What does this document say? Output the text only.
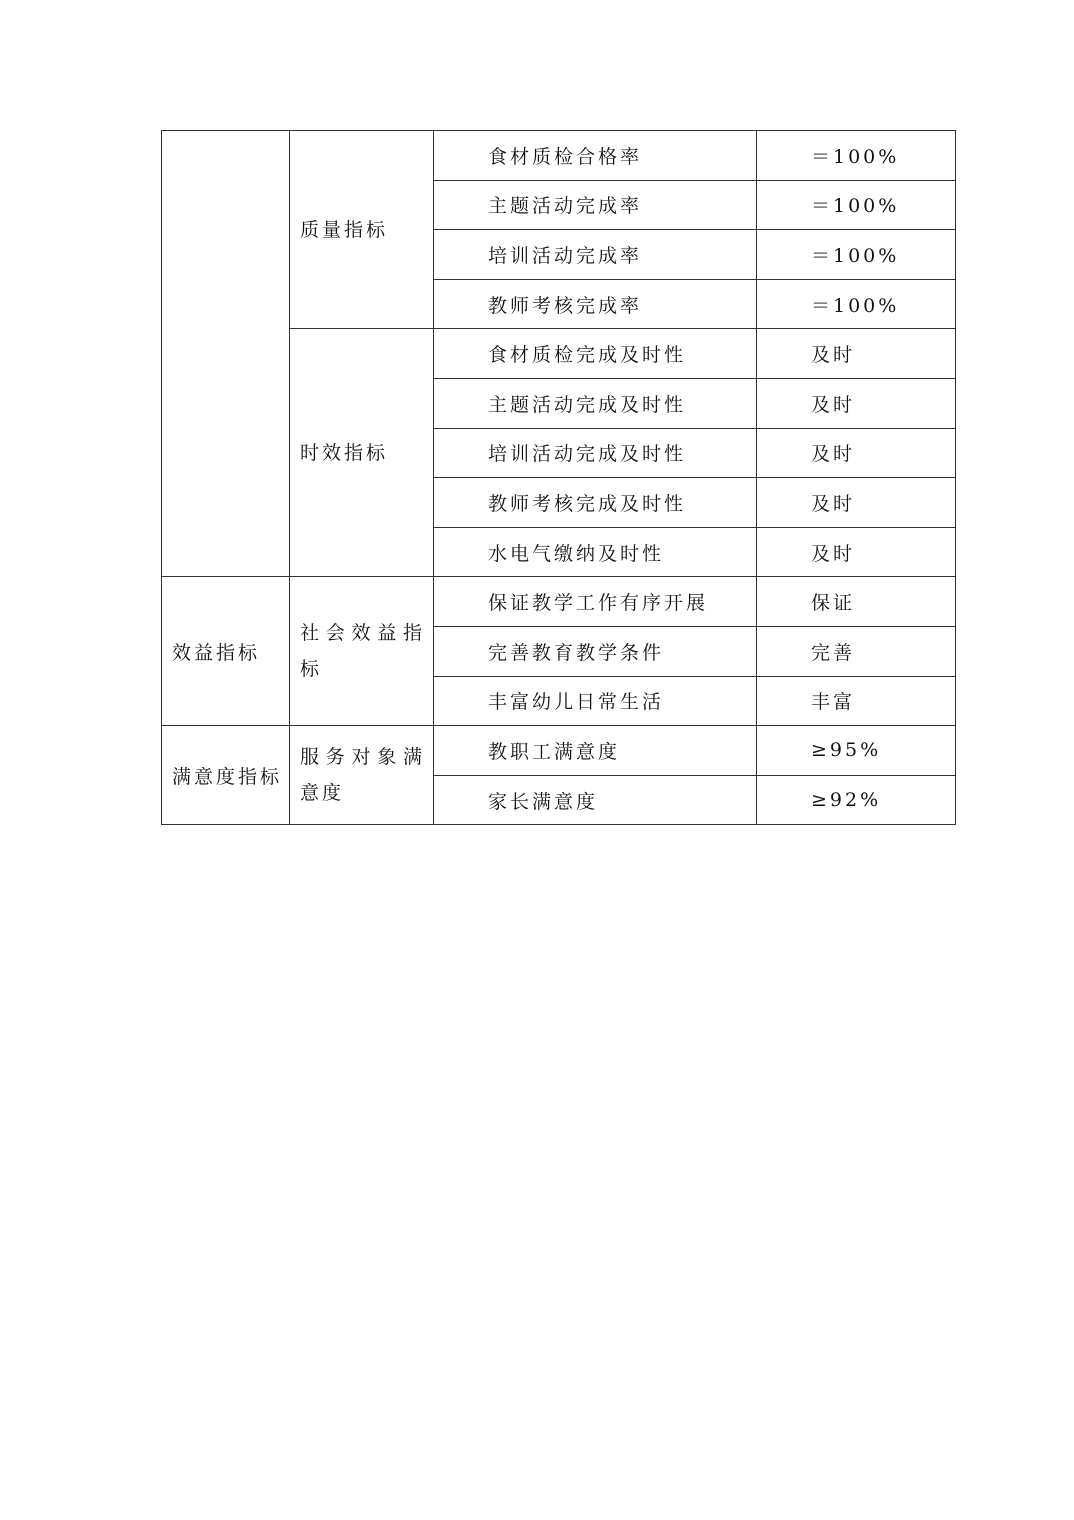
	质量指标	食材质检合格率	＝100%
		主题活动完成率	＝100%
		培训活动完成率	＝100%
		教师考核完成率	＝100%
	时效指标	食材质检完成及时性	及时
		主题活动完成及时性	及时
		培训活动完成及时性	及时
		教师考核完成及时性	及时
		水电气缴纳及时性	及时
效益指标	社会效益指标	保证教学工作有序开展	保证
		完善教育教学条件	完善
		丰富幼儿日常生活	丰富
满意度指标	服务对象满意度	教职工满意度	≥95%
		家长满意度	≥92%
